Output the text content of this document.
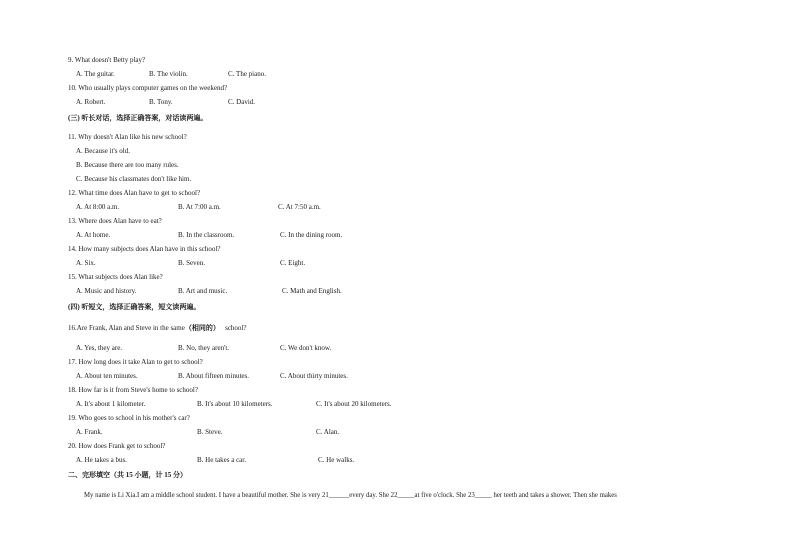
9. What doesn't Betty play?
A. The guitar.	B. The violin.	C. The piano.
10. Who usually plays computer games on the weekend?
A. Robert.	B. Tony.	C. David.
(三) 听长对话，选择正确答案，对话读两遍。
11. Why doesn't Alan like his new school?
A. Because it's old.
B. Because there are too many rules.
C. Because his classmates don't like him.
12. What time does Alan have to get to school?
A. At 8:00 a.m.	B. At 7:00 a.m.	C. At 7:50 a.m.
13. Where does Alan have to eat?
A. At home.	B. In the classroom.	C. In the dining room.
14. How many subjects does Alan have in this school?
A. Six.	B. Seven.	C. Eight.
15. What subjects does Alan like?
A. Music and history.	B. Art and music.	C. Math and English.
(四) 听短文，选择正确答案，短文读两遍。
16.Are Frank, Alan and Steve in the same（相同的） school?
A. Yes, they are.	B. No, they aren't.	C. We don't know.
17. How long does it take Alan to get to school?
A. About ten minutes.	B. About fifteen minutes.	C. About thirty minutes.
18. How far is it from Steve's home to school?
A. It's about 1 kilometer.	B. It's about 10 kilometers.	C. It's about 20 kilometers.
19. Who goes to school in his mother's car?
A. Frank.	B. Steve.	C. Alan.
20. How does Frank get to school?
A. He takes a bus.	B. He takes a car.	C. He walks.
二、完形填空（共 15 小题，计 15 分）
My name is Li Xia.I am a middle school student. I have a beautiful mother. She is very 21______every day. She 22_____at five o'clock. She 23_____ her teeth and takes a shower. Then she makes
